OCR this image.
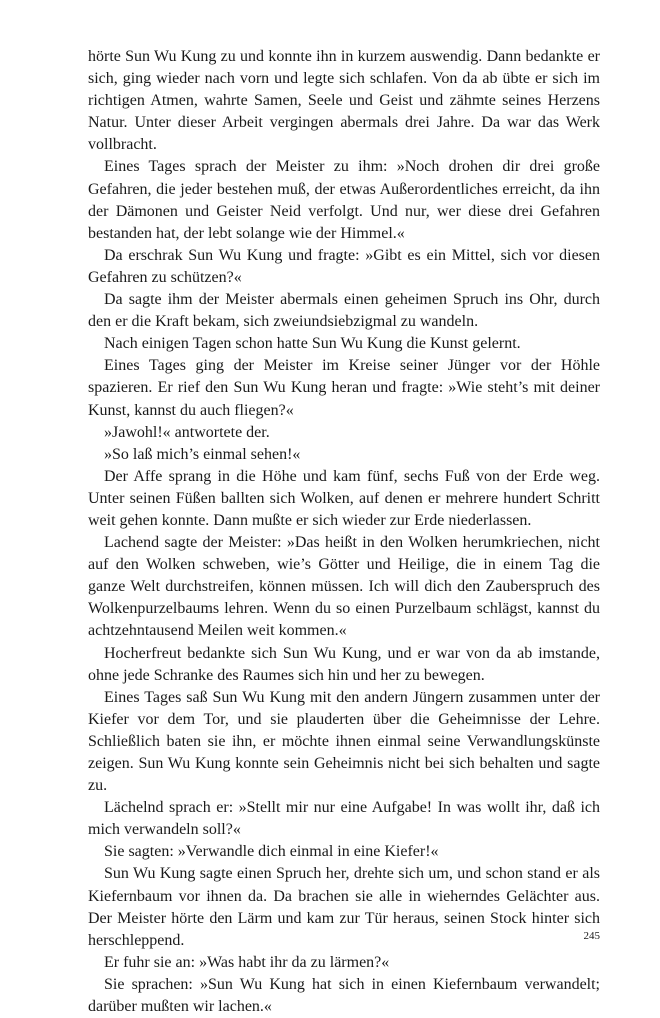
hörte Sun Wu Kung zu und konnte ihn in kurzem auswendig. Dann bedankte er sich, ging wieder nach vorn und legte sich schlafen. Von da ab übte er sich im richtigen Atmen, wahrte Samen, Seele und Geist und zähmte seines Herzens Natur. Unter dieser Arbeit vergingen abermals drei Jahre. Da war das Werk vollbracht.

Eines Tages sprach der Meister zu ihm: »Noch drohen dir drei große Gefahren, die jeder bestehen muß, der etwas Außerordentliches erreicht, da ihn der Dämonen und Geister Neid verfolgt. Und nur, wer diese drei Gefahren bestanden hat, der lebt solange wie der Himmel.«

Da erschrak Sun Wu Kung und fragte: »Gibt es ein Mittel, sich vor diesen Gefahren zu schützen?«

Da sagte ihm der Meister abermals einen geheimen Spruch ins Ohr, durch den er die Kraft bekam, sich zweiundsiebzigmal zu wandeln.

Nach einigen Tagen schon hatte Sun Wu Kung die Kunst gelernt.

Eines Tages ging der Meister im Kreise seiner Jünger vor der Höhle spazieren. Er rief den Sun Wu Kung heran und fragte: »Wie steht’s mit deiner Kunst, kannst du auch fliegen?«

»Jawohl!« antwortete der.

»So laß mich’s einmal sehen!«

Der Affe sprang in die Höhe und kam fünf, sechs Fuß von der Erde weg. Unter seinen Füßen ballten sich Wolken, auf denen er mehrere hundert Schritt weit gehen konnte. Dann mußte er sich wieder zur Erde niederlassen.

Lachend sagte der Meister: »Das heißt in den Wolken herumkriechen, nicht auf den Wolken schweben, wie’s Götter und Heilige, die in einem Tag die ganze Welt durchstreifen, können müssen. Ich will dich den Zauberspruch des Wolkenpurzelbaums lehren. Wenn du so einen Purzelbaum schlägst, kannst du achtzehntausend Meilen weit kommen.«

Hocherfreut bedankte sich Sun Wu Kung, und er war von da ab imstande, ohne jede Schranke des Raumes sich hin und her zu bewegen.

Eines Tages saß Sun Wu Kung mit den andern Jüngern zusammen unter der Kiefer vor dem Tor, und sie plauderten über die Geheimnisse der Lehre. Schließlich baten sie ihn, er möchte ihnen einmal seine Verwandlungskünste zeigen. Sun Wu Kung konnte sein Geheimnis nicht bei sich behalten und sagte zu.

Lächelnd sprach er: »Stellt mir nur eine Aufgabe! In was wollt ihr, daß ich mich verwandeln soll?«

Sie sagten: »Verwandle dich einmal in eine Kiefer!«

Sun Wu Kung sagte einen Spruch her, drehte sich um, und schon stand er als Kiefernbaum vor ihnen da. Da brachen sie alle in wieherndes Gelächter aus. Der Meister hörte den Lärm und kam zur Tür heraus, seinen Stock hinter sich herschleppend.

Er fuhr sie an: »Was habt ihr da zu lärmen?«

Sie sprachen: »Sun Wu Kung hat sich in einen Kiefernbaum verwandelt; darüber mußten wir lachen.«

245
